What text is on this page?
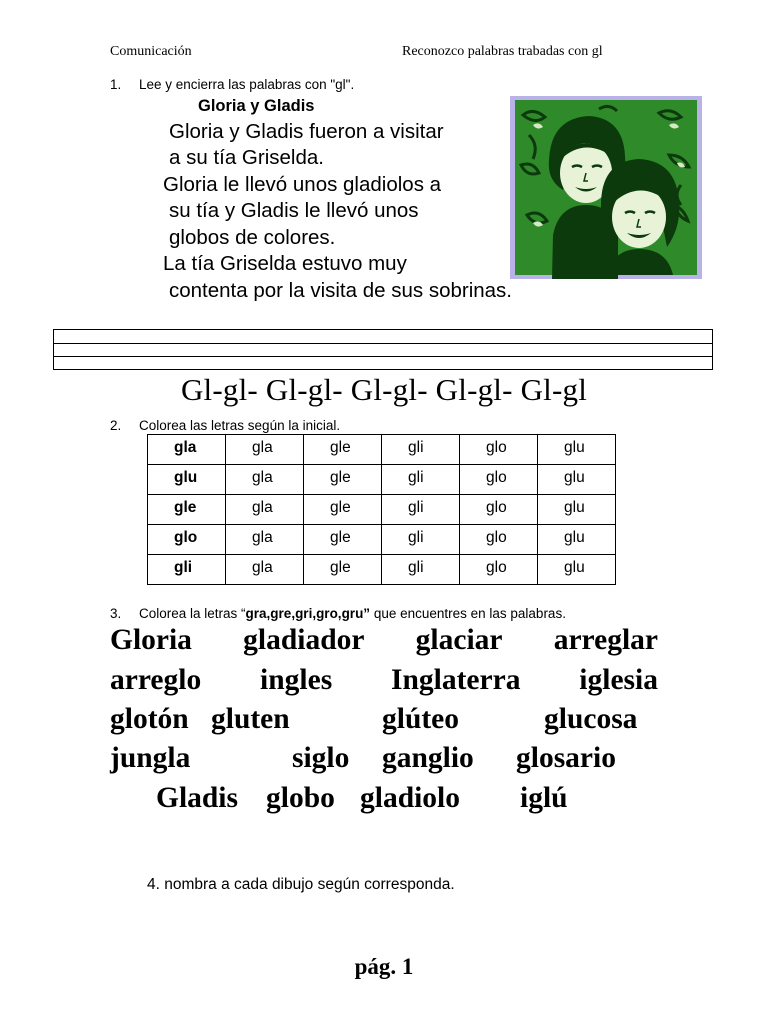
Comunicación	Reconozco palabras trabadas con gl
1. Lee y encierra las palabras con "gl".
Gloria y Gladis
Gloria y Gladis fueron a visitar
a su tía Griselda.
Gloria le llevó unos gladiolos a
su tía y Gladis le llevó unos
globos de colores.
La tía Griselda estuvo muy
contenta por la visita de sus sobrinas.
Gl-gl- Gl-gl- Gl-gl- Gl-gl- Gl-gl
2. Colorea las letras según la inicial.
gla	gla	gle	gli	glo	glu
glu	gla	gle	gli	glo	glu
gle	gla	gle	gli	glo	glu
glo	gla	gle	gli	glo	glu
gli	gla	gle	gli	glo	glu
3. Colorea la letras “gra,gre,gri,gro,gru” que encuentres en las palabras.
Gloria gladiador glaciar arreglar
arreglo ingles Inglaterra iglesia
glotón gluten	glúteo	glucosa
jungla	siglo ganglio glosario
Gladis globo gladiolo iglú
4. nombra a cada dibujo según corresponda.
pág. 1
